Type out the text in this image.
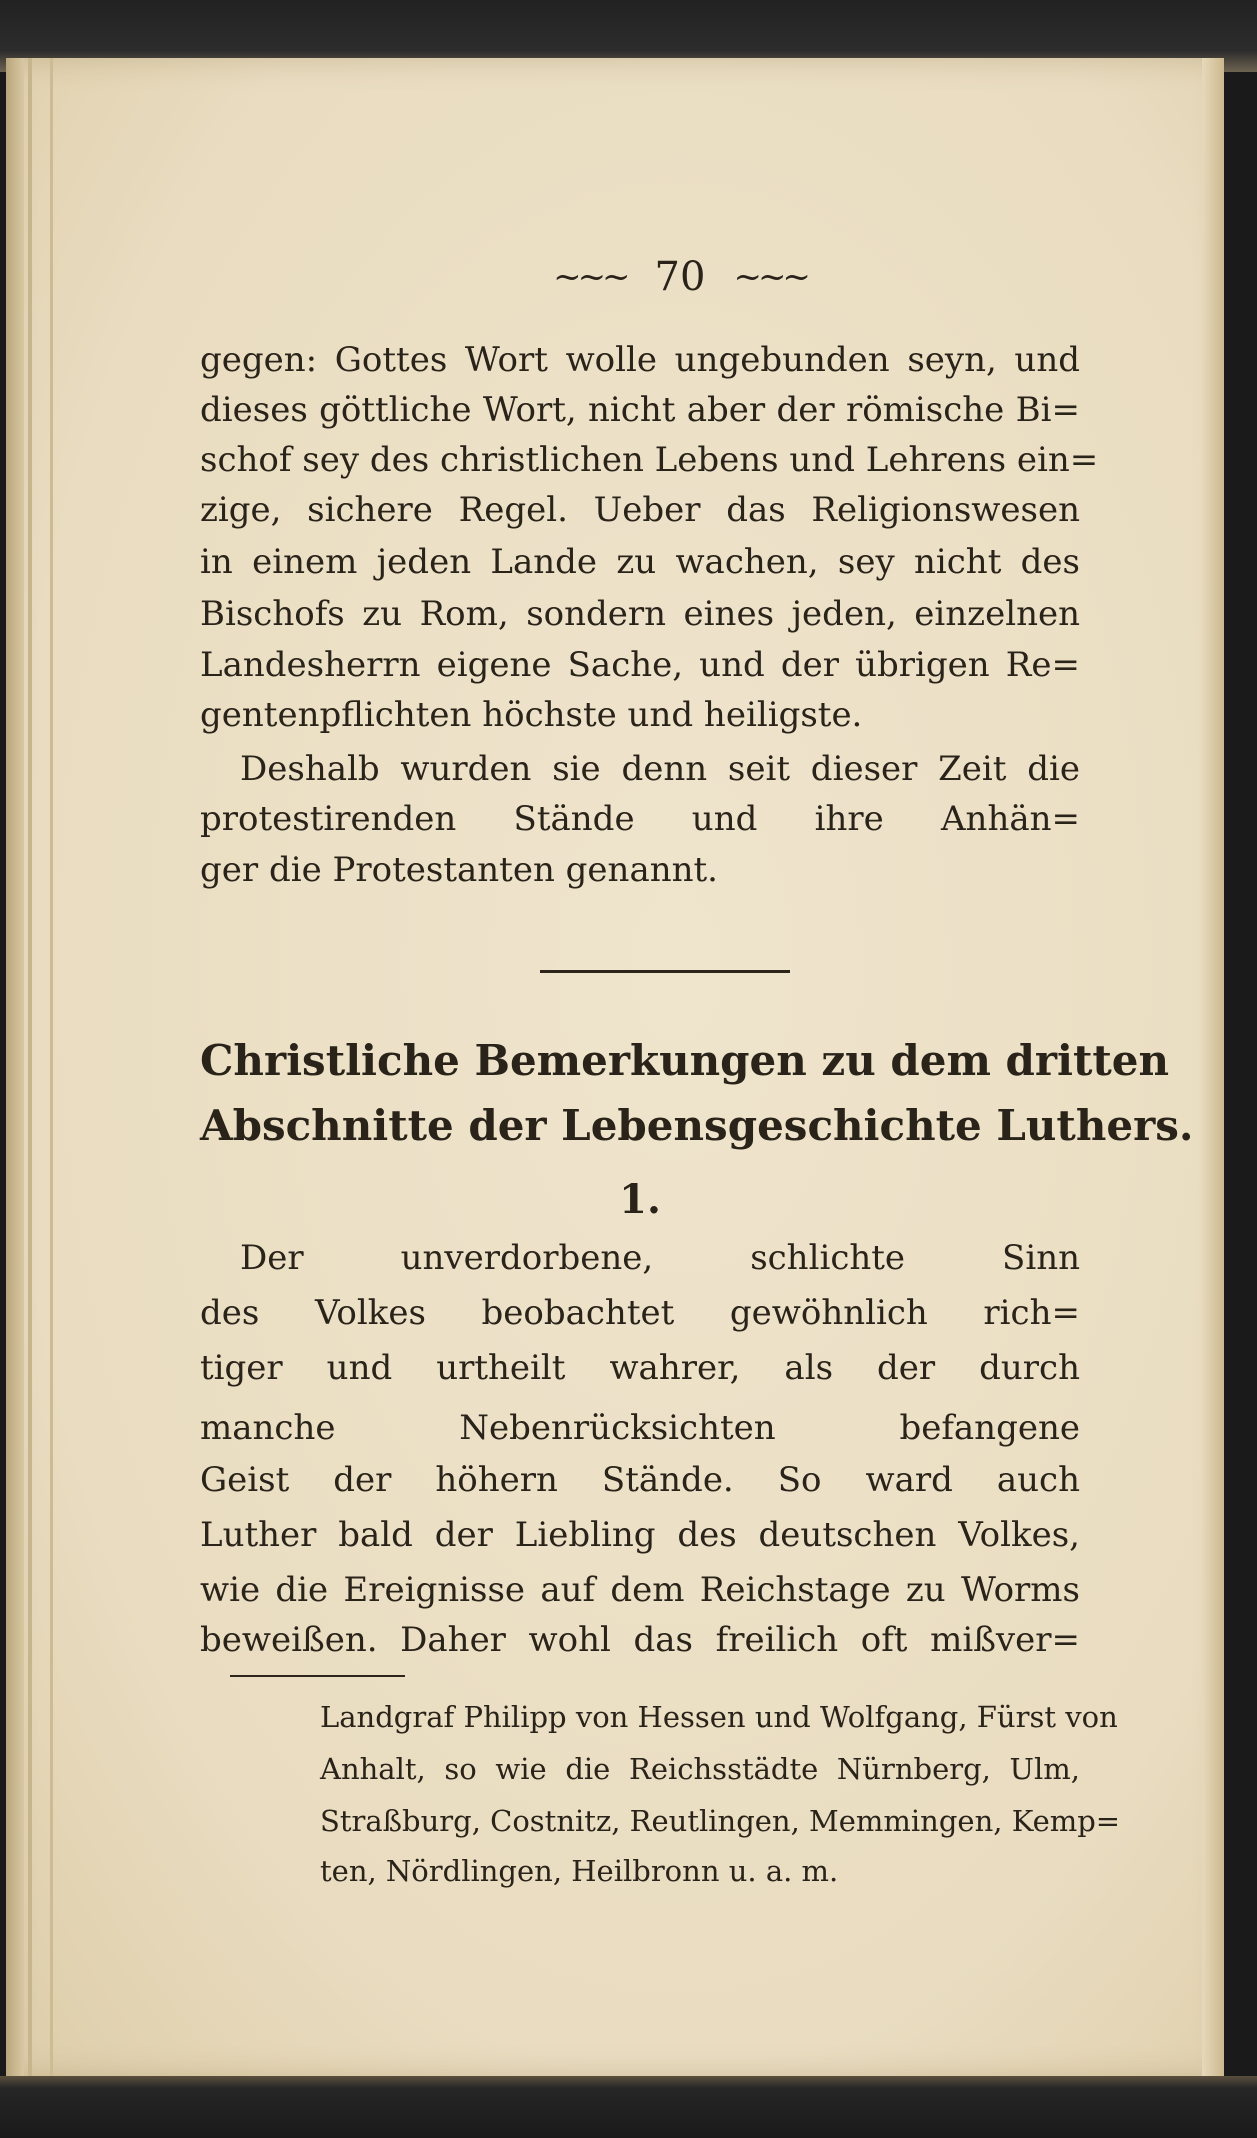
~~~ 70 ~~~
gegen: Gottes Wort wolle ungebunden seyn, und
dieses göttliche Wort, nicht aber der römische Bi=
schof sey des christlichen Lebens und Lehrens ein=
zige, sichere Regel. Ueber das Religionswesen
in einem jeden Lande zu wachen, sey nicht des
Bischofs zu Rom, sondern eines jeden, einzelnen
Landesherrn eigene Sache, und der übrigen Re=
gentenpflichten höchste und heiligste.
Deshalb wurden sie denn seit dieser Zeit die
protestirenden Stände und ihre Anhän=
ger die Protestanten genannt.
Christliche Bemerkungen zu dem dritten
Abschnitte der Lebensgeschichte Luthers.
1.
Der unverdorbene, schlichte Sinn
des Volkes beobachtet gewöhnlich rich=
tiger und urtheilt wahrer, als der durch
manche Nebenrücksichten befangene
Geist der höhern Stände. So ward auch
Luther bald der Liebling des deutschen Volkes,
wie die Ereignisse auf dem Reichstage zu Worms
beweißen. Daher wohl das freilich oft mißver=
Landgraf Philipp von Hessen und Wolfgang, Fürst von
Anhalt, so wie die Reichsstädte Nürnberg, Ulm,
Straßburg, Costnitz, Reutlingen, Memmingen, Kemp=
ten, Nördlingen, Heilbronn u. a. m.
